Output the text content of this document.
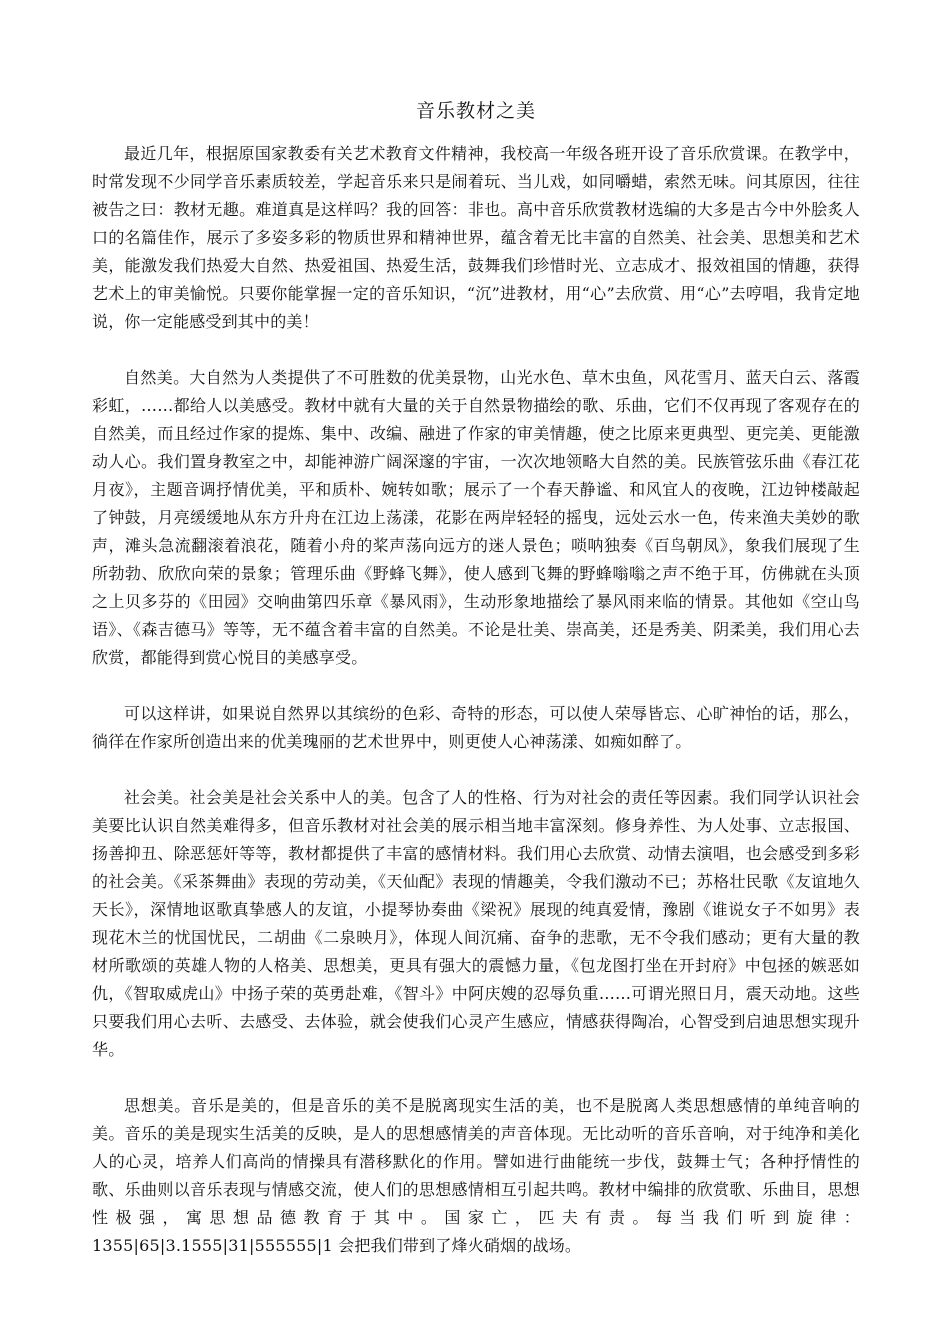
音乐教材之美

最近几年，根据原国家教委有关艺术教育文件精神，我校高一年级各班开设了音乐欣赏课。在教学中，时常发现不少同学音乐素质较差，学起音乐来只是闹着玩、当儿戏，如同嚼蜡，索然无味。问其原因，往往被告之曰：教材无趣。难道真是这样吗？我的回答：非也。高中音乐欣赏教材选编的大多是古今中外脍炙人口的名篇佳作，展示了多姿多彩的物质世界和精神世界，蕴含着无比丰富的自然美、社会美、思想美和艺术美，能激发我们热爱大自然、热爱祖国、热爱生活，鼓舞我们珍惜时光、立志成才、报效祖国的情趣，获得艺术上的审美愉悦。只要你能掌握一定的音乐知识，“沉”进教材，用“心”去欣赏、用“心”去哼唱，我肯定地说，你一定能感受到其中的美！

自然美。大自然为人类提供了不可胜数的优美景物，山光水色、草木虫鱼，风花雪月、蓝天白云、落霞彩虹，……都给人以美感受。教材中就有大量的关于自然景物描绘的歌、乐曲，它们不仅再现了客观存在的自然美，而且经过作家的提炼、集中、改编、融进了作家的审美情趣，使之比原来更典型、更完美、更能激动人心。我们置身教室之中，却能神游广阔深邃的宇宙，一次次地领略大自然的美。民族管弦乐曲《春江花月夜》，主题音调抒情优美，平和质朴、婉转如歌；展示了一个春天静谧、和风宜人的夜晚，江边钟楼敲起了钟鼓，月亮缓缓地从东方升舟在江边上荡漾，花影在两岸轻轻的摇曳，远处云水一色，传来渔夫美妙的歌声，滩头急流翻滚着浪花，随着小舟的桨声荡向远方的迷人景色；唢呐独奏《百鸟朝凤》，象我们展现了生所勃勃、欣欣向荣的景象；管理乐曲《野蜂飞舞》，使人感到飞舞的野蜂嗡嗡之声不绝于耳，仿佛就在头顶之上贝多芬的《田园》交响曲第四乐章《暴风雨》，生动形象地描绘了暴风雨来临的情景。其他如《空山鸟语》、《森吉德马》等等，无不蕴含着丰富的自然美。不论是壮美、崇高美，还是秀美、阴柔美，我们用心去欣赏，都能得到赏心悦目的美感享受。

可以这样讲，如果说自然界以其缤纷的色彩、奇特的形态，可以使人荣辱皆忘、心旷神怡的话，那么，徜徉在作家所创造出来的优美瑰丽的艺术世界中，则更使人心神荡漾、如痴如醉了。

社会美。社会美是社会关系中人的美。包含了人的性格、行为对社会的责任等因素。我们同学认识社会美要比认识自然美难得多，但音乐教材对社会美的展示相当地丰富深刻。修身养性、为人处事、立志报国、扬善抑丑、除恶惩奸等等，教材都提供了丰富的感情材料。我们用心去欣赏、动情去演唱，也会感受到多彩的社会美。《采茶舞曲》表现的劳动美，《天仙配》表现的情趣美，令我们激动不已；苏格壮民歌《友谊地久天长》，深情地讴歌真挚感人的友谊，小提琴协奏曲《梁祝》展现的纯真爱情，豫剧《谁说女子不如男》表现花木兰的忧国忧民，二胡曲《二泉映月》，体现人间沉痛、奋争的悲歌，无不令我们感动；更有大量的教材所歌颂的英雄人物的人格美、思想美，更具有强大的震憾力量，《包龙图打坐在开封府》中包拯的嫉恶如仇，《智取威虎山》中扬子荣的英勇赴难，《智斗》中阿庆嫂的忍辱负重……可谓光照日月，震天动地。这些只要我们用心去听、去感受、去体验，就会使我们心灵产生感应，情感获得陶冶，心智受到启迪思想实现升华。

思想美。音乐是美的，但是音乐的美不是脱离现实生活的美，也不是脱离人类思想感情的单纯音响的美。音乐的美是现实生活美的反映，是人的思想感情美的声音体现。无比动听的音乐音响，对于纯净和美化人的心灵，培养人们高尚的情操具有潜移默化的作用。譬如进行曲能统一步伐，鼓舞士气；各种抒情性的歌、乐曲则以音乐表现与情感交流，使人们的思想感情相互引起共鸣。教材中编排的欣赏歌、乐曲目，思想性极强，寓思想品德教育于其中。国家亡，匹夫有责。每当我们听到旋律：1355|65|3.1555|31|555555|1 会把我们带到了烽火硝烟的战场。
